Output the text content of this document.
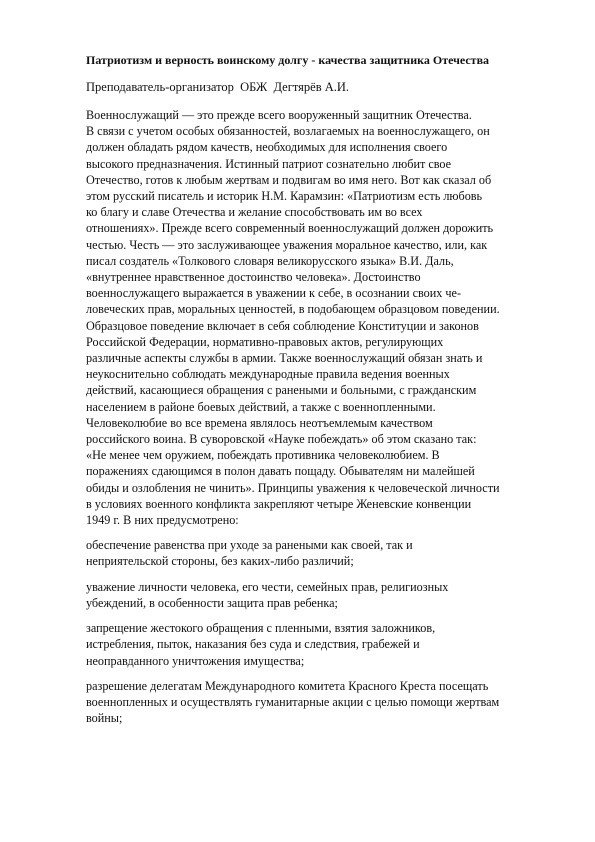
Патриотизм и верность воинскому долгу - качества защитника Отечества
Преподаватель-организатор  ОБЖ  Дегтярёв А.И.
Военнослужащий — это прежде всего вооруженный защитник Отечества.
В связи с учетом особых обязанностей, возлагаемых на военнослужащего, он
должен обладать рядом качеств, необходимых для исполнения своего
высокого предназначения. Истинный патриот сознательно любит свое
Отечество, готов к любым жертвам и подвигам во имя него. Вот как сказал об
этом русский писатель и историк Н.М. Карамзин: «Патриотизм есть любовь
ко благу и славе Отечества и желание способствовать им во всех
отношениях». Прежде всего современный военнослужащий должен дорожить
честью. Честь — это заслуживающее уважения моральное качество, или, как
писал создатель «Толкового словаря великорусского языка» В.И. Даль,
«внутреннее нравственное достоинство человека». Достоинство
военнослужащего выражается в уважении к себе, в осознании своих че-
ловеческих прав, моральных ценностей, в подобающем образцовом поведении.
Образцовое поведение включает в себя соблюдение Конституции и законов
Российской Федерации, нормативно-правовых актов, регулирующих
различные аспекты службы в армии. Также военнослужащий обязан знать и
неукоснительно соблюдать международные правила ведения военных
действий, касающиеся обращения с ранеными и больными, с гражданским
населением в районе боевых действий, а также с военнопленными.
Человеколюбие во все времена являлось неотъемлемым качеством
российского воина. В суворовской «Науке побеждать» об этом сказано так:
«Не менее чем оружием, побеждать противника человеколюбием. В
поражениях сдающимся в полон давать пощаду. Обывателям ни малейшей
обиды и озлобления не чинить». Принципы уважения к человеческой личности
в условиях военного конфликта закрепляют четыре Женевские конвенции
1949 г. В них предусмотрено:
обеспечение равенства при уходе за ранеными как своей, так и
неприятельской стороны, без каких-либо различий;
уважение личности человека, его чести, семейных прав, религиозных
убеждений, в особенности защита прав ребенка;
запрещение жестокого обращения с пленными, взятия заложников,
истребления, пыток, наказания без суда и следствия, грабежей и
неоправданного уничтожения имущества;
разрешение делегатам Международного комитета Красного Креста посещать
военнопленных и осуществлять гуманитарные акции с целью помощи жертвам
войны;
